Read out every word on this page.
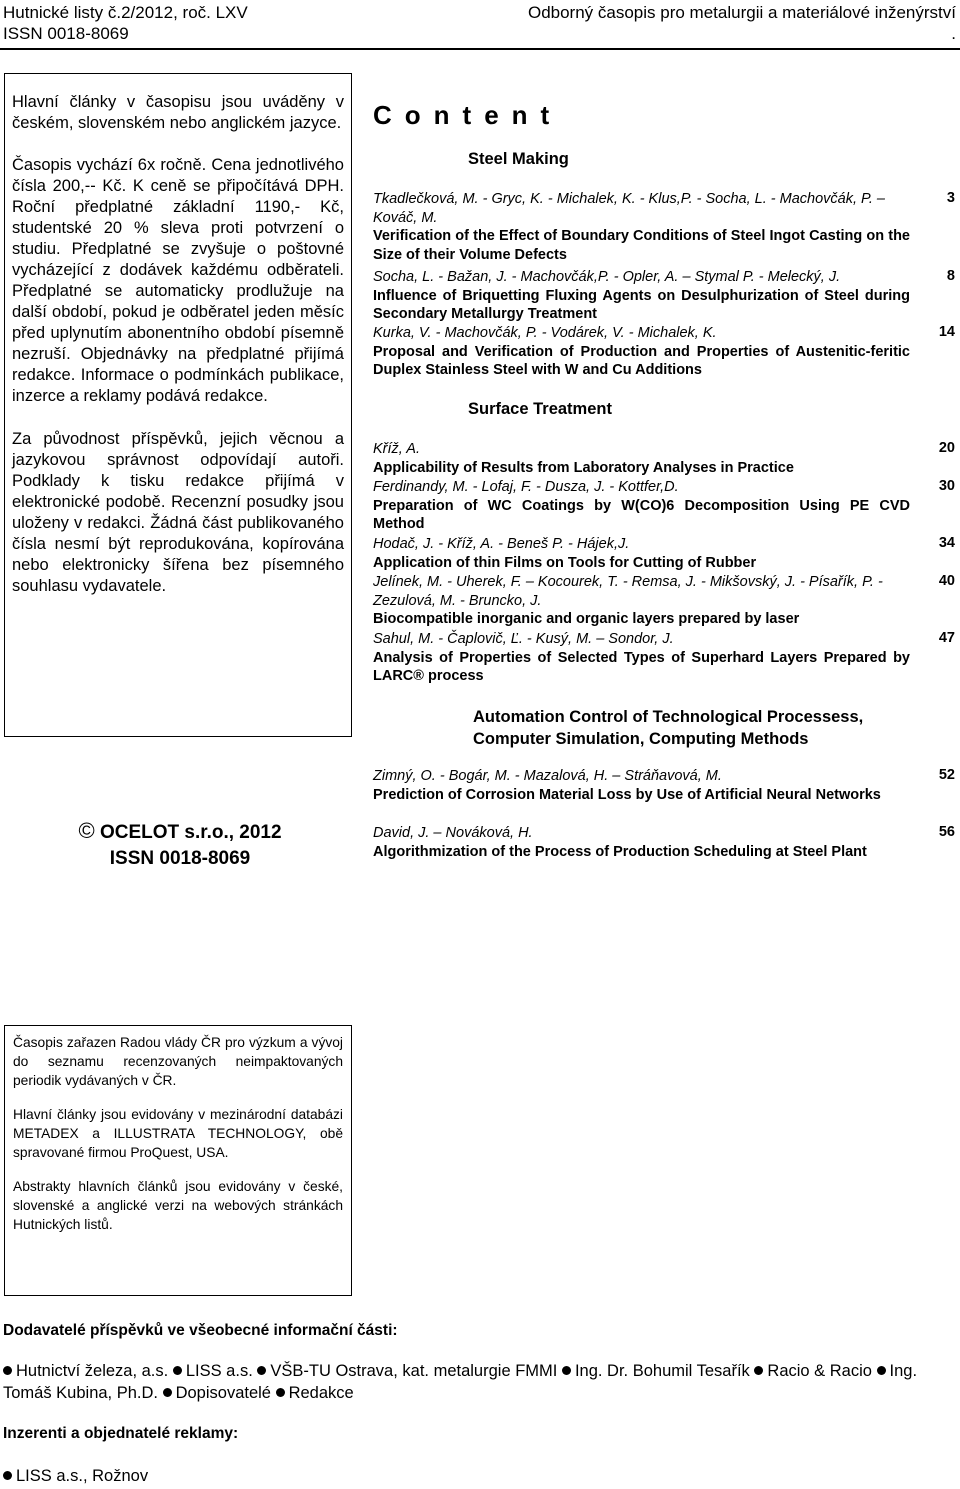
Hutnické listy č.2/2012, roč. LXV
ISSN 0018-8069
Odborný časopis pro metalurgii a materiálové inženýrství
.

Hlavní články v časopisu jsou uváděny v českém, slovenském nebo anglickém jazyce.

Časopis vychází 6x ročně. Cena jednotlivého čísla 200,-- Kč. K ceně se připočítává DPH. Roční předplatné základní 1190,- Kč, studentské 20 % sleva proti potvrzení o studiu. Předplatné se zvyšuje o poštovné vycházející z dodávek každému odběrateli. Předplatné se automaticky prodlužuje na další období, pokud je odběratel jeden měsíc před uplynutím abonentního období písemně nezruší. Objednávky na předplatné přijímá redakce. Informace o podmínkách publikace, inzerce a reklamy podává redakce.

Za původnost příspěvků, jejich věcnou a jazykovou správnost odpovídají autoři. Podklady k tisku redakce přijímá v elektronické podobě. Recenzní posudky jsou uloženy v redakci. Žádná část publikovaného čísla nesmí být reprodukována, kopírována nebo elektronicky šířena bez písemného souhlasu vydavatele.

© OCELOT s.r.o., 2012
ISSN 0018-8069

Časopis zařazen Radou vlády ČR pro výzkum a vývoj do seznamu recenzovaných neimpaktovaných periodik vydávaných v ČR.

Hlavní články jsou evidovány v mezinárodní databázi METADEX a ILLUSTRATA TECHNOLOGY, obě spravované firmou ProQuest, USA.

Abstrakty hlavních článků jsou evidovány v české, slovenské a anglické verzi na webových stránkách Hutnických listů.

Content
Steel Making
Tkadlečková, M. - Gryc, K. - Michalek, K. - Klus,P. - Socha, L. - Machovčák, P. – Kováč, M.
Verification of the Effect of Boundary Conditions of Steel Ingot Casting on the Size of their Volume Defects
3
Socha, L. - Bažan, J. - Machovčák,P. - Opler, A. – Stymal P. - Melecký, J.
Influence of Briquetting Fluxing Agents on Desulphurization of Steel during Secondary Metallurgy Treatment
8
Kurka, V. - Machovčák, P. - Vodárek, V. - Michalek, K.
Proposal and Verification of Production and Properties of Austenitic-feritic Duplex Stainless Steel with W and Cu Additions
14
Surface Treatment
Kříž, A.
Applicability of Results from Laboratory Analyses in Practice
20
Ferdinandy, M. - Lofaj, F. - Dusza, J. - Kottfer,D.
Preparation of WC Coatings by W(CO)6 Decomposition Using PE CVD Method
30
Hodač, J. - Kříž, A. - Beneš P. - Hájek,J.
Application of thin Films on Tools for Cutting of Rubber
34
Jelínek, M. - Uherek, F. – Kocourek, T. - Remsa, J. - Mikšovský, J. - Písařík, P. - Zezulová, M. - Bruncko, J.
Biocompatible inorganic and organic layers prepared by laser
40
Sahul, M. - Čaplovič, Ľ. - Kusý, M. – Sondor, J.
Analysis of Properties of Selected Types of Superhard Layers Prepared by LARC® process
47
Automation Control of Technological Processess, Computer Simulation, Computing Methods
Zimný, O. - Bogár, M. - Mazalová, H. – Stráňavová, M.
Prediction of Corrosion Material Loss by Use of Artificial Neural Networks
52
David, J. – Nováková, H.
Algorithmization of the Process of Production Scheduling at Steel Plant
56
Dodavatelé příspěvků ve všeobecné informační části:
Hutnictví železa, a.s. LISS a.s. VŠB-TU Ostrava, kat. metalurgie FMMI Ing. Dr. Bohumil Tesařík Racio & Racio Ing. Tomáš Kubina, Ph.D. Dopisovatelé Redakce
Inzerenti a objednatelé reklamy:
LISS a.s., Rožnov
